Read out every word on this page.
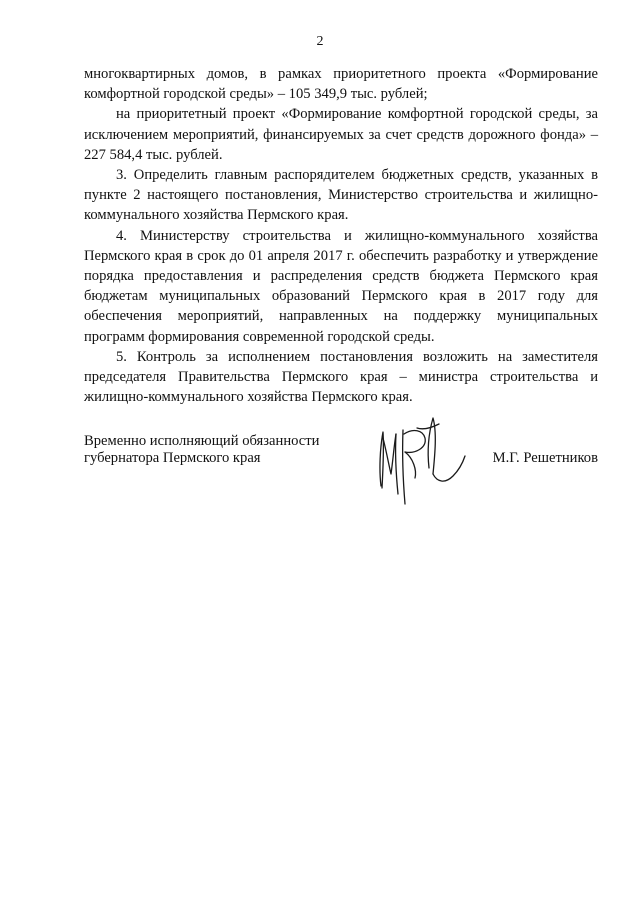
2

многоквартирных домов, в рамках приоритетного проекта «Формирование комфортной городской среды» – 105 349,9 тыс. рублей;

на приоритетный проект «Формирование комфортной городской среды, за исключением мероприятий, финансируемых за счет средств дорожного фонда» – 227 584,4 тыс. рублей.

3. Определить главным распорядителем бюджетных средств, указанных в пункте 2 настоящего постановления, Министерство строительства и жилищно-коммунального хозяйства Пермского края.

4. Министерству строительства и жилищно-коммунального хозяйства Пермского края в срок до 01 апреля 2017 г. обеспечить разработку и утверждение порядка предоставления и распределения средств бюджета Пермского края бюджетам муниципальных образований Пермского края в 2017 году для обеспечения мероприятий, направленных на поддержку муниципальных программ формирования современной городской среды.

5. Контроль за исполнением постановления возложить на заместителя председателя Правительства Пермского края – министра строительства и жилищно-коммунального хозяйства Пермского края.

Временно исполняющий обязанности
губернатора Пермского края	М.Г. Решетников
